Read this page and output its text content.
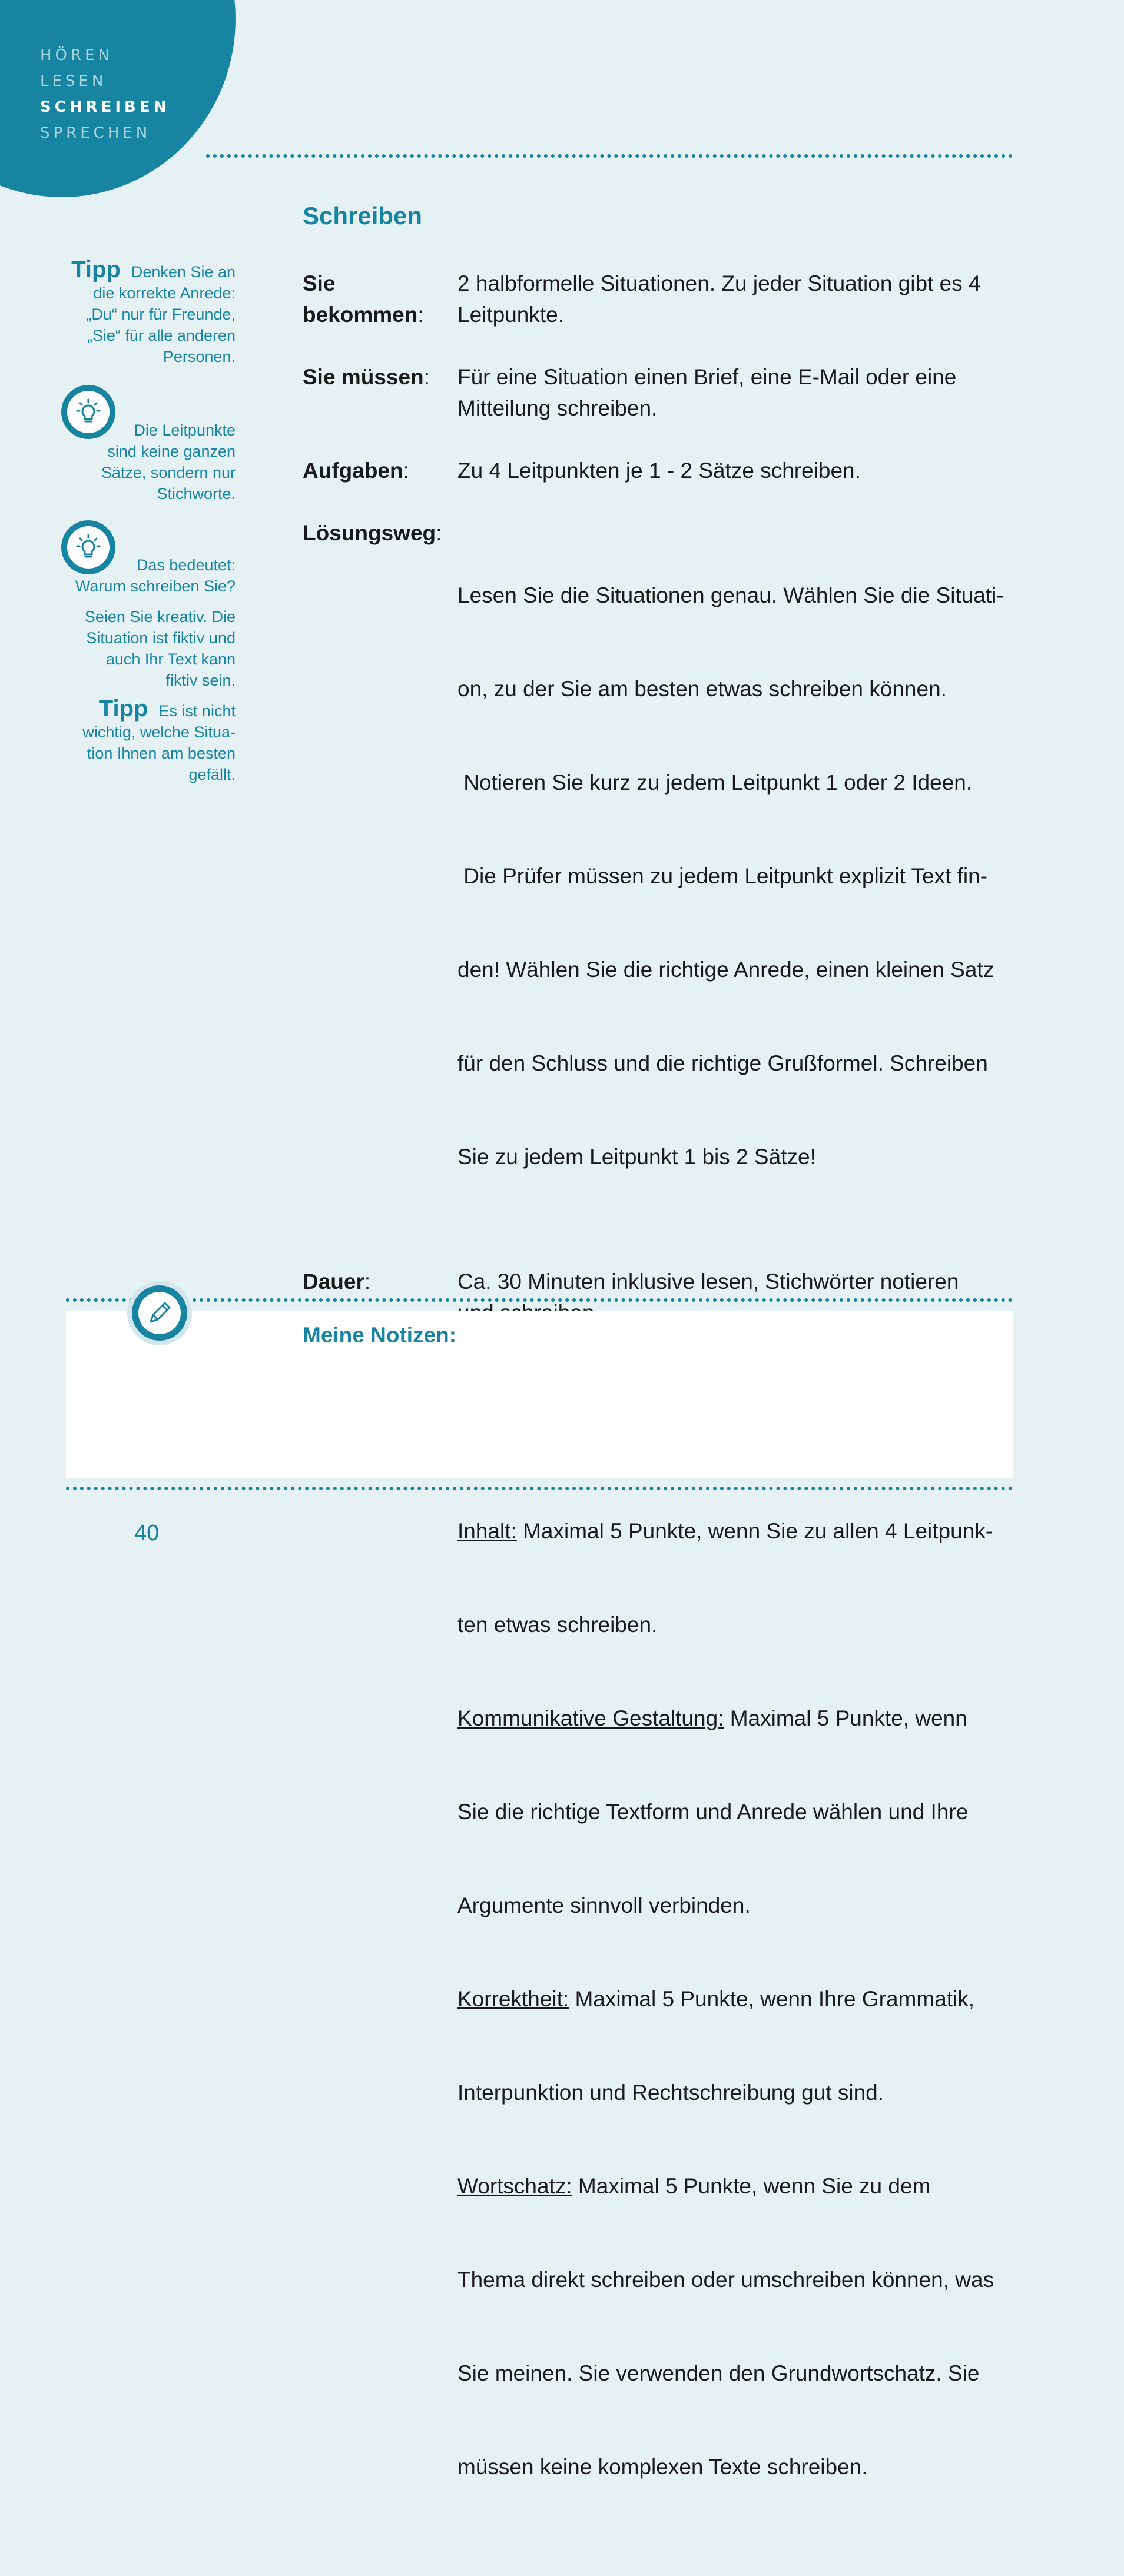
HÖREN
LESEN
SCHREIBEN
SPRECHEN
Schreiben
Tipp Denken Sie an
die korrekte Anrede:
„Du“ nur für Freunde,
„Sie“ für alle anderen
Personen.
Die Leitpunkte
sind keine ganzen
Sätze, sondern nur
Stichworte.
Das bedeutet:
Warum schreiben Sie?
Seien Sie kreativ. Die
Situation ist fiktiv und
auch Ihr Text kann
fiktiv sein.
Tipp Es ist nicht
wichtig, welche Situa-
tion Ihnen am besten
gefällt.
Sie bekommen:
2 halbformelle Situationen. Zu jeder Situation gibt es 4
Leitpunkte.
Sie müssen:	Für eine Situation einen Brief, eine E-Mail oder eine
Mitteilung schreiben.
Aufgaben:	Zu 4 Leitpunkten je 1 - 2 Sätze schreiben.
Lösungsweg:

Lesen Sie die Situationen genau. Wählen Sie die Situati-

on, zu der Sie am besten etwas schreiben können.

Notieren Sie kurz zu jedem Leitpunkt 1 oder 2 Ideen.

Die Prüfer müssen zu jedem Leitpunkt explizit Text fin-

den! Wählen Sie die richtige Anrede, einen kleinen Satz

für den Schluss und die richtige Grußformel. Schreiben

Sie zu jedem Leitpunkt 1 bis 2 Sätze!

Dauer:	Ca. 30 Minuten inklusive lesen, Stichwörter notieren

Inhalt: Maximal 5 Punkte, wenn Sie zu allen 4 Leitpunk-

ten etwas schreiben.

Kommunikative Gestaltung: Maximal 5 Punkte, wenn

Sie die richtige Textform und Anrede wählen und Ihre

Argumente sinnvoll verbinden.

Korrektheit: Maximal 5 Punkte, wenn Ihre Grammatik,

Interpunktion und Rechtschreibung gut sind.

Wortschatz: Maximal 5 Punkte, wenn Sie zu dem

Thema direkt schreiben oder umschreiben können, was

Sie meinen. Sie verwenden den Grundwortschatz. Sie

müssen keine komplexen Texte schreiben.

Meine Notizen:
40
